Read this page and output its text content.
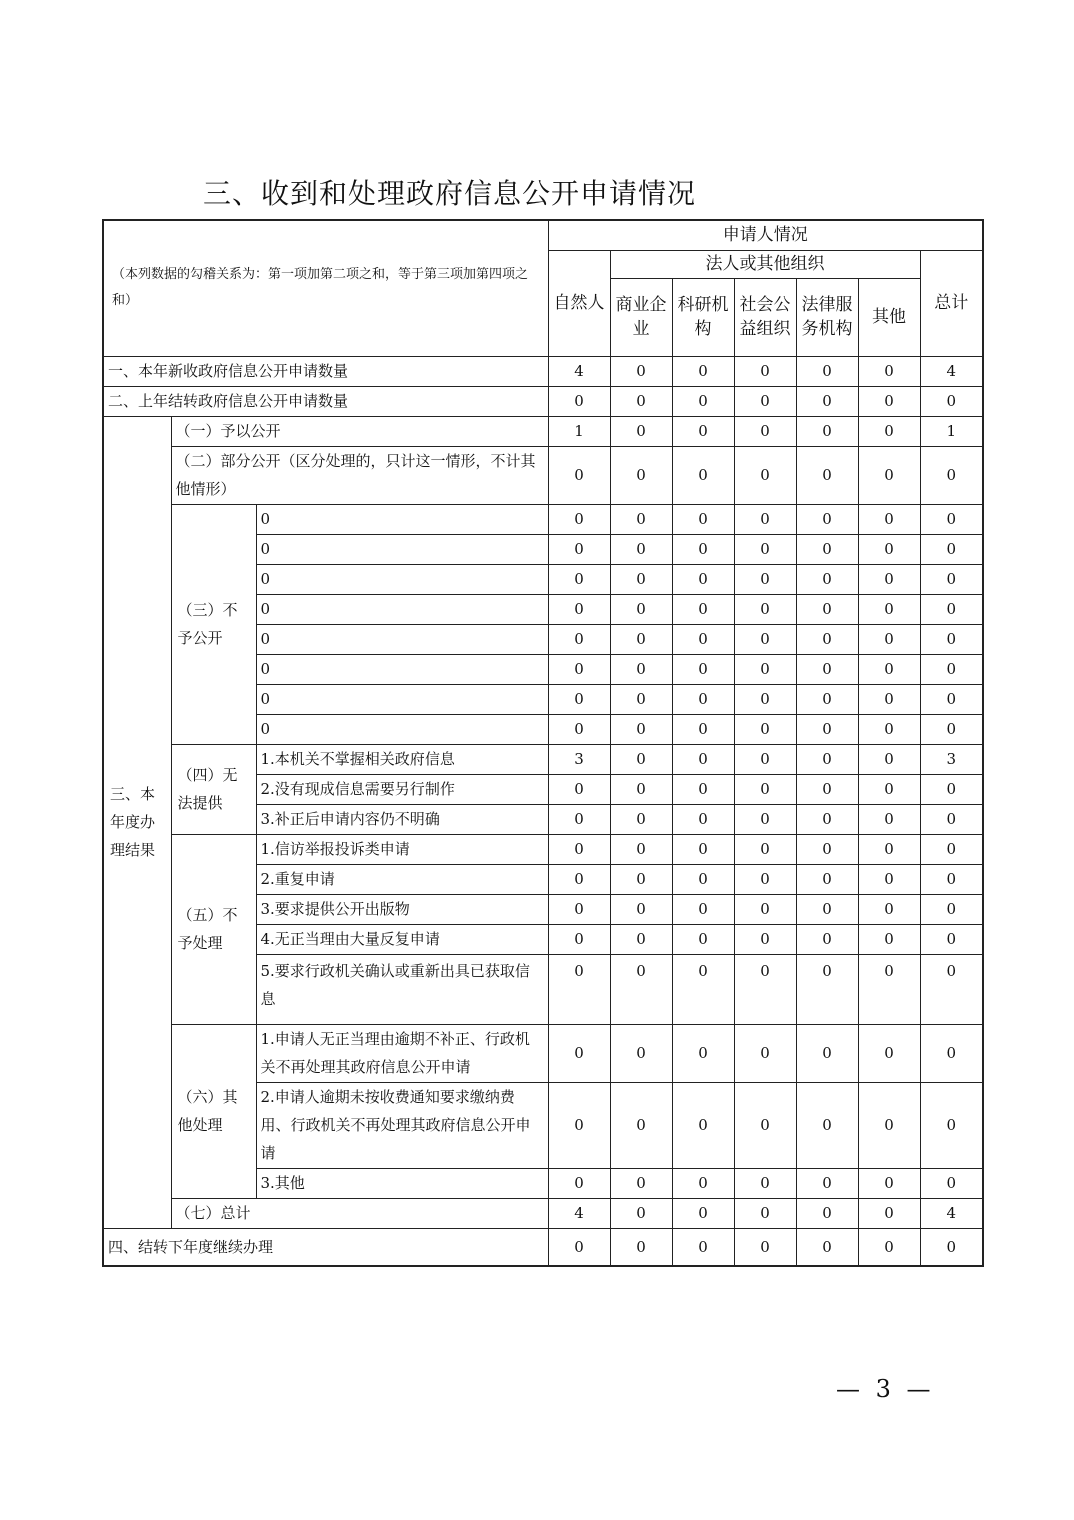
三、收到和处理政府信息公开申请情况
（本列数据的勾稽关系为：第一项加第二项之和，等于第三项加第四项之和）			申请人情况						
			自然人	法人或其他组织					总计
				商业企业	科研机构	社会公益组织	法律服务机构	其他	
一、本年新收政府信息公开申请数量			4	0	0	0	0	0	4
二、上年结转政府信息公开申请数量			0	0	0	0	0	0	0
三、本年度办理结果	（一）予以公开		1	0	0	0	0	0	1
	（二）部分公开（区分处理的，只计这一情形，不计其他情形）		0	0	0	0	0	0	0
	（三）不予公开	0	0	0	0	0	0	0	0
		0	0	0	0	0	0	0	0
		0	0	0	0	0	0	0	0
		0	0	0	0	0	0	0	0
		0	0	0	0	0	0	0	0
		0	0	0	0	0	0	0	0
		0	0	0	0	0	0	0	0
		0	0	0	0	0	0	0	0
	（四）无法提供	1.本机关不掌握相关政府信息	3	0	0	0	0	0	3
		2.没有现成信息需要另行制作	0	0	0	0	0	0	0
		3.补正后申请内容仍不明确	0	0	0	0	0	0	0
	（五）不予处理	1.信访举报投诉类申请	0	0	0	0	0	0	0
		2.重复申请	0	0	0	0	0	0	0
		3.要求提供公开出版物	0	0	0	0	0	0	0
		4.无正当理由大量反复申请	0	0	0	0	0	0	0
		5.要求行政机关确认或重新出具已获取信息	0	0	0	0	0	0	0
	（六）其他处理	1.申请人无正当理由逾期不补正、行政机关不再处理其政府信息公开申请	0	0	0	0	0	0	0
		2.申请人逾期未按收费通知要求缴纳费用、行政机关不再处理其政府信息公开申请	0	0	0	0	0	0	0
		3.其他	0	0	0	0	0	0	0
	（七）总计		4	0	0	0	0	0	4
四、结转下年度继续办理			0	0	0	0	0	0	0
— 3 —
